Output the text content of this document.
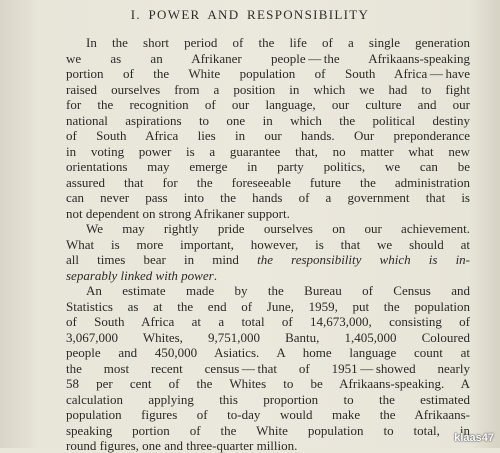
I. POWER AND RESPONSIBILITY
In the short period of the life of a single generation
we as an Afrikaner people — the Afrikaans-speaking
portion of the White population of South Africa — have
raised ourselves from a position in which we had to fight
for the recognition of our language, our culture and our
national aspirations to one in which the political destiny
of South Africa lies in our hands. Our preponderance
in voting power is a guarantee that, no matter what new
orientations may emerge in party politics, we can be
assured that for the foreseeable future the administration
can never pass into the hands of a government that is
not dependent on strong Afrikaner support.
We may rightly pride ourselves on our achievement.
What is more important, however, is that we should at
all times bear in mind the responsibility which is in-
separably linked with power.
An estimate made by the Bureau of Census and
Statistics as at the end of June, 1959, put the population
of South Africa at a total of 14,673,000, consisting of
3,067,000 Whites, 9,751,000 Bantu, 1,405,000 Coloured
people and 450,000 Asiatics. A home language count at
the most recent census — that of 1951 — showed nearly
58 per cent of the Whites to be Afrikaans-speaking. A
calculation applying this proportion to the estimated
population figures of to-day would make the Afrikaans-
speaking portion of the White population to total, in
round figures, one and three-quarter million.	klaas47
